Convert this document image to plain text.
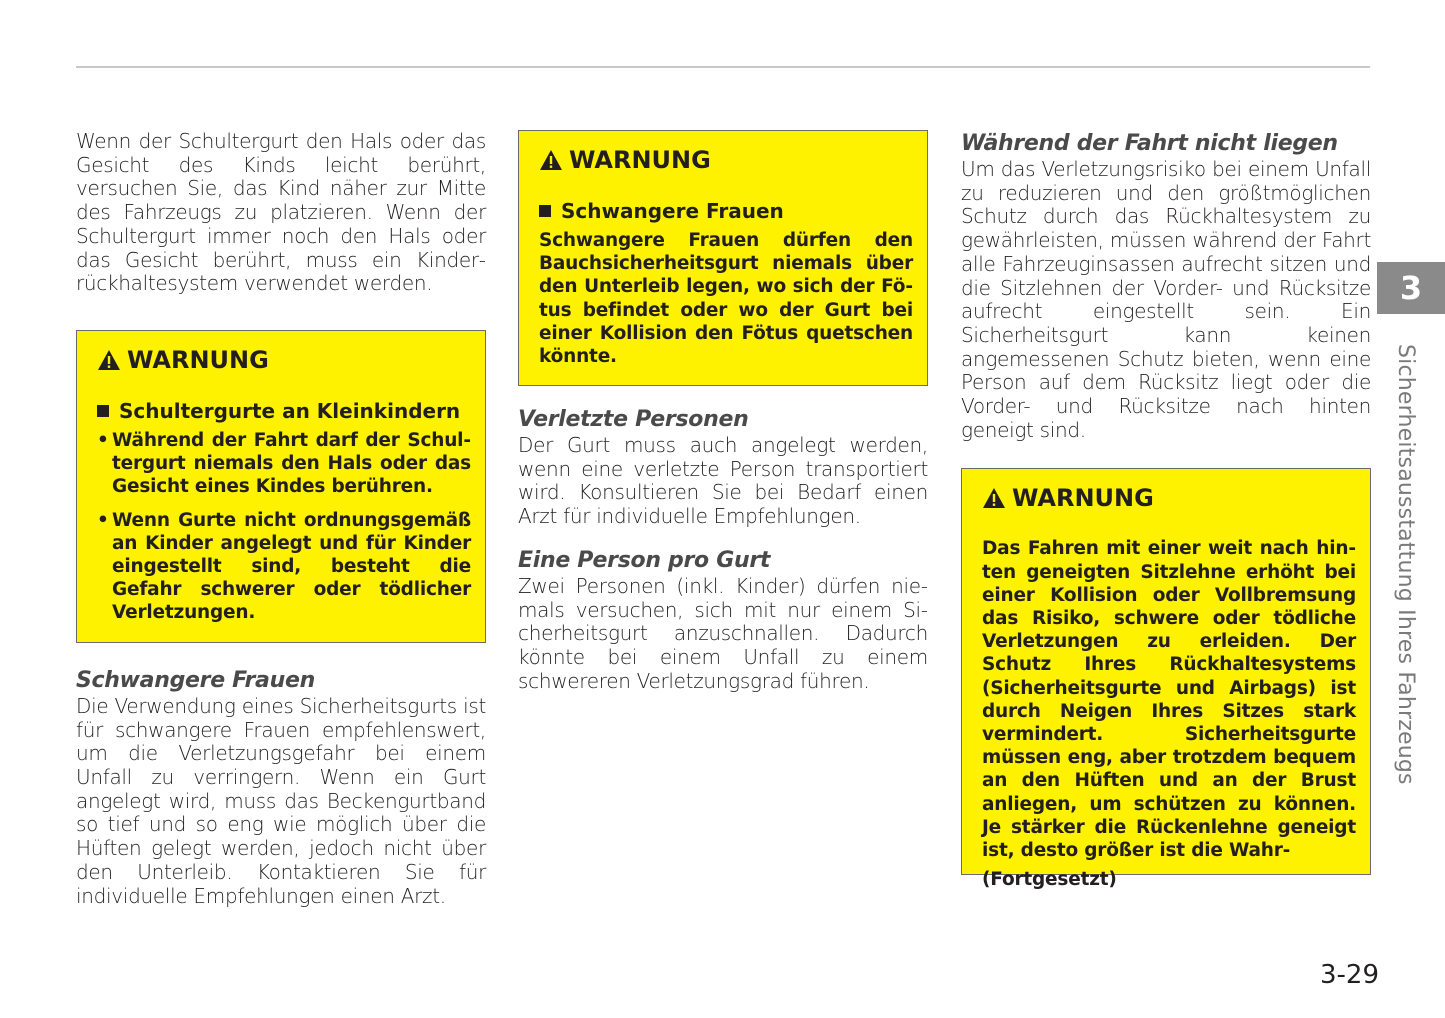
Wenn der Schultergurt den Hals oder das Gesicht des Kinds leicht berührt, versuchen Sie, das Kind näher zur Mitte des Fahrzeugs zu platzieren. Wenn der Schultergurt immer noch den Hals oder das Gesicht berührt, muss ein Kinderrückhaltesystem verwendet werden.

WARNUNG
Schultergurte an Kleinkindern
• Während der Fahrt darf der Schultergurt niemals den Hals oder das Gesicht eines Kindes berühren.
• Wenn Gurte nicht ordnungsgemäß an Kinder angelegt und für Kinder eingestellt sind, besteht die Gefahr schwerer oder tödlicher Verletzungen.
Schwangere Frauen

Die Verwendung eines Sicherheitsgurts ist für schwangere Frauen empfehlenswert, um die Verletzungsgefahr bei einem Unfall zu verringern. Wenn ein Gurt angelegt wird, muss das Beckengurtband so tief und so eng wie möglich über die Hüften gelegt werden, jedoch nicht über den Unterleib. Kontaktieren Sie für individuelle Empfehlungen einen Arzt.

WARNUNG
Schwangere Frauen

Schwangere Frauen dürfen den Bauchsicherheitsgurt niemals über den Unterleib legen, wo sich der Fötus befindet oder wo der Gurt bei einer Kollision den Fötus quetschen könnte.

Verletzte Personen

Der Gurt muss auch angelegt werden, wenn eine verletzte Person transportiert wird. Konsultieren Sie bei Bedarf einen Arzt für individuelle Empfehlungen.

Eine Person pro Gurt

Zwei Personen (inkl. Kinder) dürfen niemals versuchen, sich mit nur einem Sicherheitsgurt anzuschnallen. Dadurch könnte bei einem Unfall zu einem schwereren Verletzungsgrad führen.

Während der Fahrt nicht liegen

Um das Verletzungsrisiko bei einem Unfall zu reduzieren und den größtmöglichen Schutz durch das Rückhaltesystem zu gewährleisten, müssen während der Fahrt alle Fahrzeuginsassen aufrecht sitzen und die Sitzlehnen der Vorder- und Rücksitze aufrecht eingestellt sein. Ein Sicherheitsgurt kann keinen angemessenen Schutz bieten, wenn eine Person auf dem Rücksitz liegt oder die Vorder- und Rücksitze nach hinten geneigt sind.

WARNUNG

Das Fahren mit einer weit nach hinten geneigten Sitzlehne erhöht bei einer Kollision oder Vollbremsung das Risiko, schwere oder tödliche Verletzungen zu erleiden. Der Schutz Ihres Rückhaltesystems (Sicherheitsgurte und Airbags) ist durch Neigen Ihres Sitzes stark vermindert. Sicherheitsgurte müssen eng, aber trotzdem bequem an den Hüften und an der Brust anliegen, um schützen zu können. Je stärker die Rückenlehne geneigt ist, desto größer ist die Wahr-

(Fortgesetzt)

3
Sicherheitsausstattung Ihres Fahrzeugs
3-29
